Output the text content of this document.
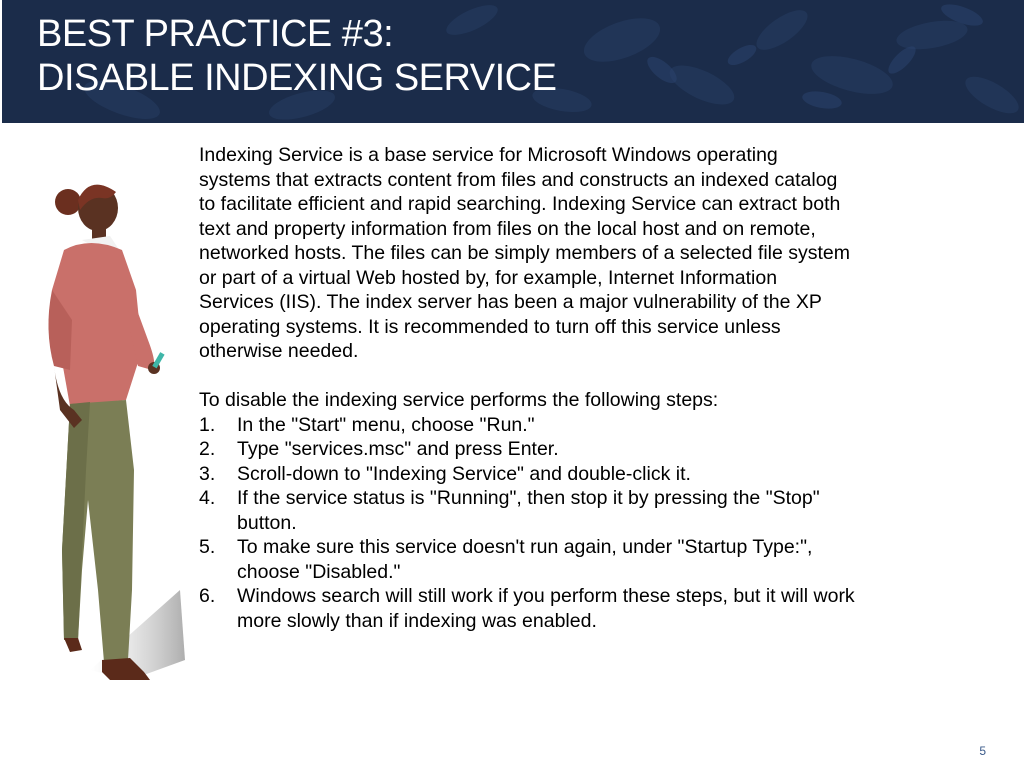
BEST PRACTICE #3:
DISABLE INDEXING SERVICE

Indexing Service is a base service for Microsoft Windows operating
systems that extracts content from files and constructs an indexed catalog
to facilitate efficient and rapid searching. Indexing Service can extract both
text and property information from files on the local host and on remote,
networked hosts. The files can be simply members of a selected file system
or part of a virtual Web hosted by, for example, Internet Information
Services (IIS). The index server has been a major vulnerability of the XP
operating systems. It is recommended to turn off this service unless
otherwise needed.

To disable the indexing service performs the following steps:

1. In the "Start" menu, choose "Run."
2. Type "services.msc" and press Enter.
3. Scroll-down to "Indexing Service" and double-click it.
4. If the service status is "Running", then stop it by pressing the "Stop"
button.
5. To make sure this service doesn't run again, under "Startup Type:",
choose "Disabled."
6. Windows search will still work if you perform these steps, but it will work
more slowly than if indexing was enabled.
5
